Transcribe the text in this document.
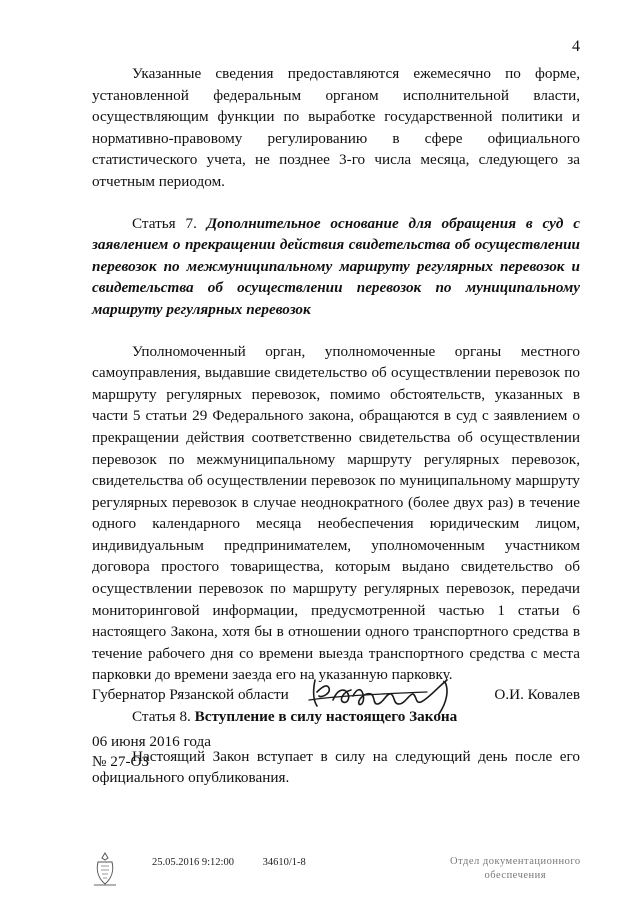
4

Указанные сведения предоставляются ежемесячно по форме, установленной федеральным органом исполнительной власти, осуществляющим функции по выработке государственной политики и нормативно-правовому регулированию в сфере официального статистического учета, не позднее 3-го числа месяца, следующего за отчетным периодом.

Статья 7. Дополнительное основание для обращения в суд с заявлением о прекращении действия свидетельства об осуществлении перевозок по межмуниципальному маршруту регулярных перевозок и свидетельства об осуществлении перевозок по муниципальному маршруту регулярных перевозок

Уполномоченный орган, уполномоченные органы местного самоуправления, выдавшие свидетельство об осуществлении перевозок по маршруту регулярных перевозок, помимо обстоятельств, указанных в части 5 статьи 29 Федерального закона, обращаются в суд с заявлением о прекращении действия соответственно свидетельства об осуществлении перевозок по межмуниципальному маршруту регулярных перевозок, свидетельства об осуществлении перевозок по муниципальному маршруту регулярных перевозок в случае неоднократного (более двух раз) в течение одного календарного месяца необеспечения юридическим лицом, индивидуальным предпринимателем, уполномоченным участником договора простого товарищества, которым выдано свидетельство об осуществлении перевозок по маршруту регулярных перевозок, передачи мониторинговой информации, предусмотренной частью 1 статьи 6 настоящего Закона, хотя бы в отношении одного транспортного средства в течение рабочего дня со времени выезда транспортного средства с места парковки до времени заезда его на указанную парковку.

Статья 8. Вступление в силу настоящего Закона

Настоящий Закон вступает в силу на следующий день после его официального опубликования.

Губернатор Рязанской области	О.И. Ковалев
06 июня 2016 года
№ 27-ОЗ
25.05.2016 9:12:00	34610/1-8	Отдел документационного
обеспечения
